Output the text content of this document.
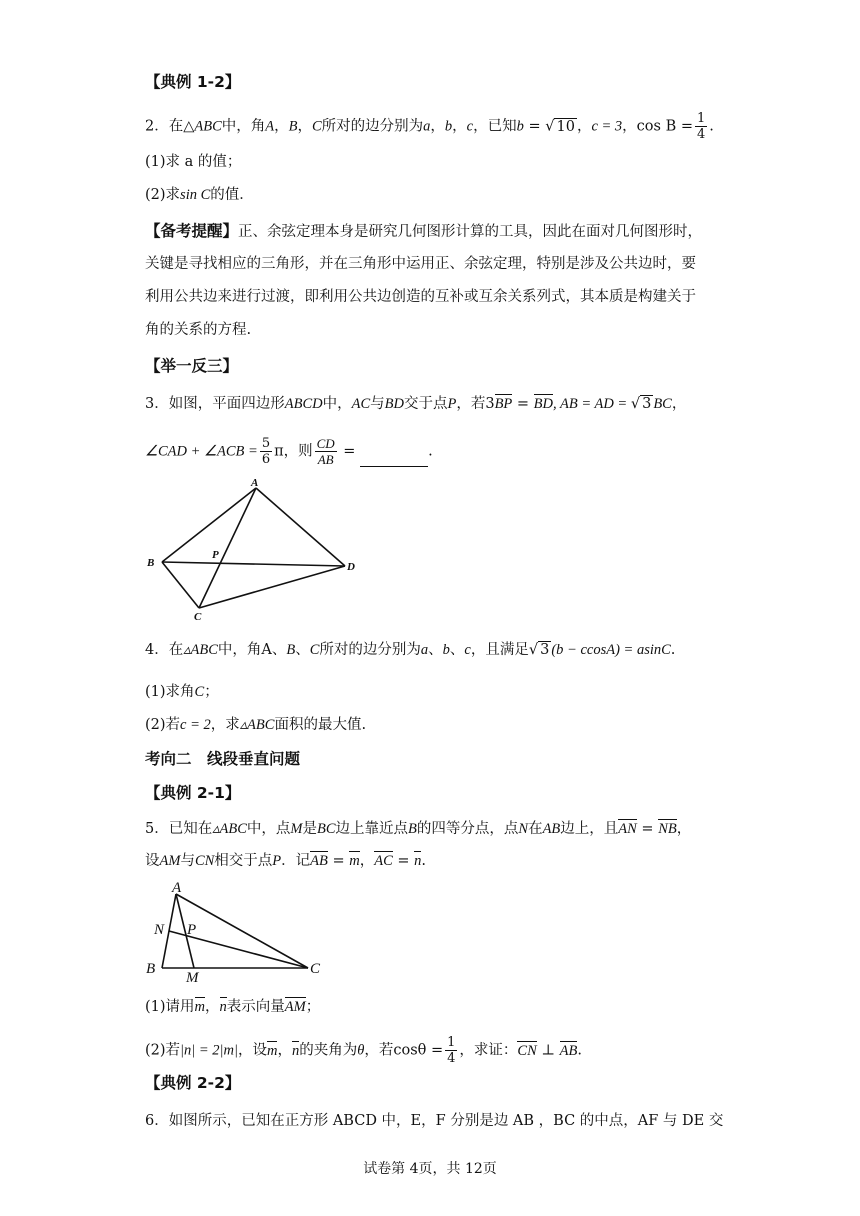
【典例 1-2】
2．在△ABC中，角A，B，C所对的边分别为a，b，c，已知b = √ 10 ，c = 3，$\cos B = \frac{1}{4}$ .
(1)求 a 的值；
(2)求sin C的值．
【备考提醒】正、余弦定理本身是研究几何图形计算的工具，因此在面对几何图形时，
关键是寻找相应的三角形，并在三角形中运用正、余弦定理，特别是涉及公共边时，要
利用公共边来进行过渡，即利用公共边创造的互补或互余关系列式，其本质是构建关于
角的关系的方程.
【举一反三】
3．如图，平面四边形ABCD中，AC与BD交于点P，若3BP = BD, AB = AD = √ 3 BC，
∠CAD + ∠ACB = $\frac{5}{6}$ π，则 $\frac{CD}{AB}$ =	.
A
B
P
D
C
4．在▵ABC中，角A、B、C所对的边分别为a、b、c，且满足√ 3 (b − ccosA) = asinC.
(1)求角C；
(2)若c = 2，求▵ABC面积的最大值.
考向二　线段垂直问题
【典例 2-1】
5．已知在▵ABC中，点M是BC边上靠近点B的四等分点，点N在AB边上，且AN = NB，
设AM与CN相交于点P．记AB = m，AC = n.
A
N P
B
M
C
(1)请用m，n表示向量AM；
(2)若|n| = 2|m|，设m，n的夹角为θ，若$\cos\theta = \frac{1}{4}$ ，求证：CN ⊥ AB.
【典例 2-2】
6．如图所示，已知在正方形 ABCD 中，E，F 分别是边 AB ，BC 的中点，AF 与 DE 交
试卷第 4页，共 12页
